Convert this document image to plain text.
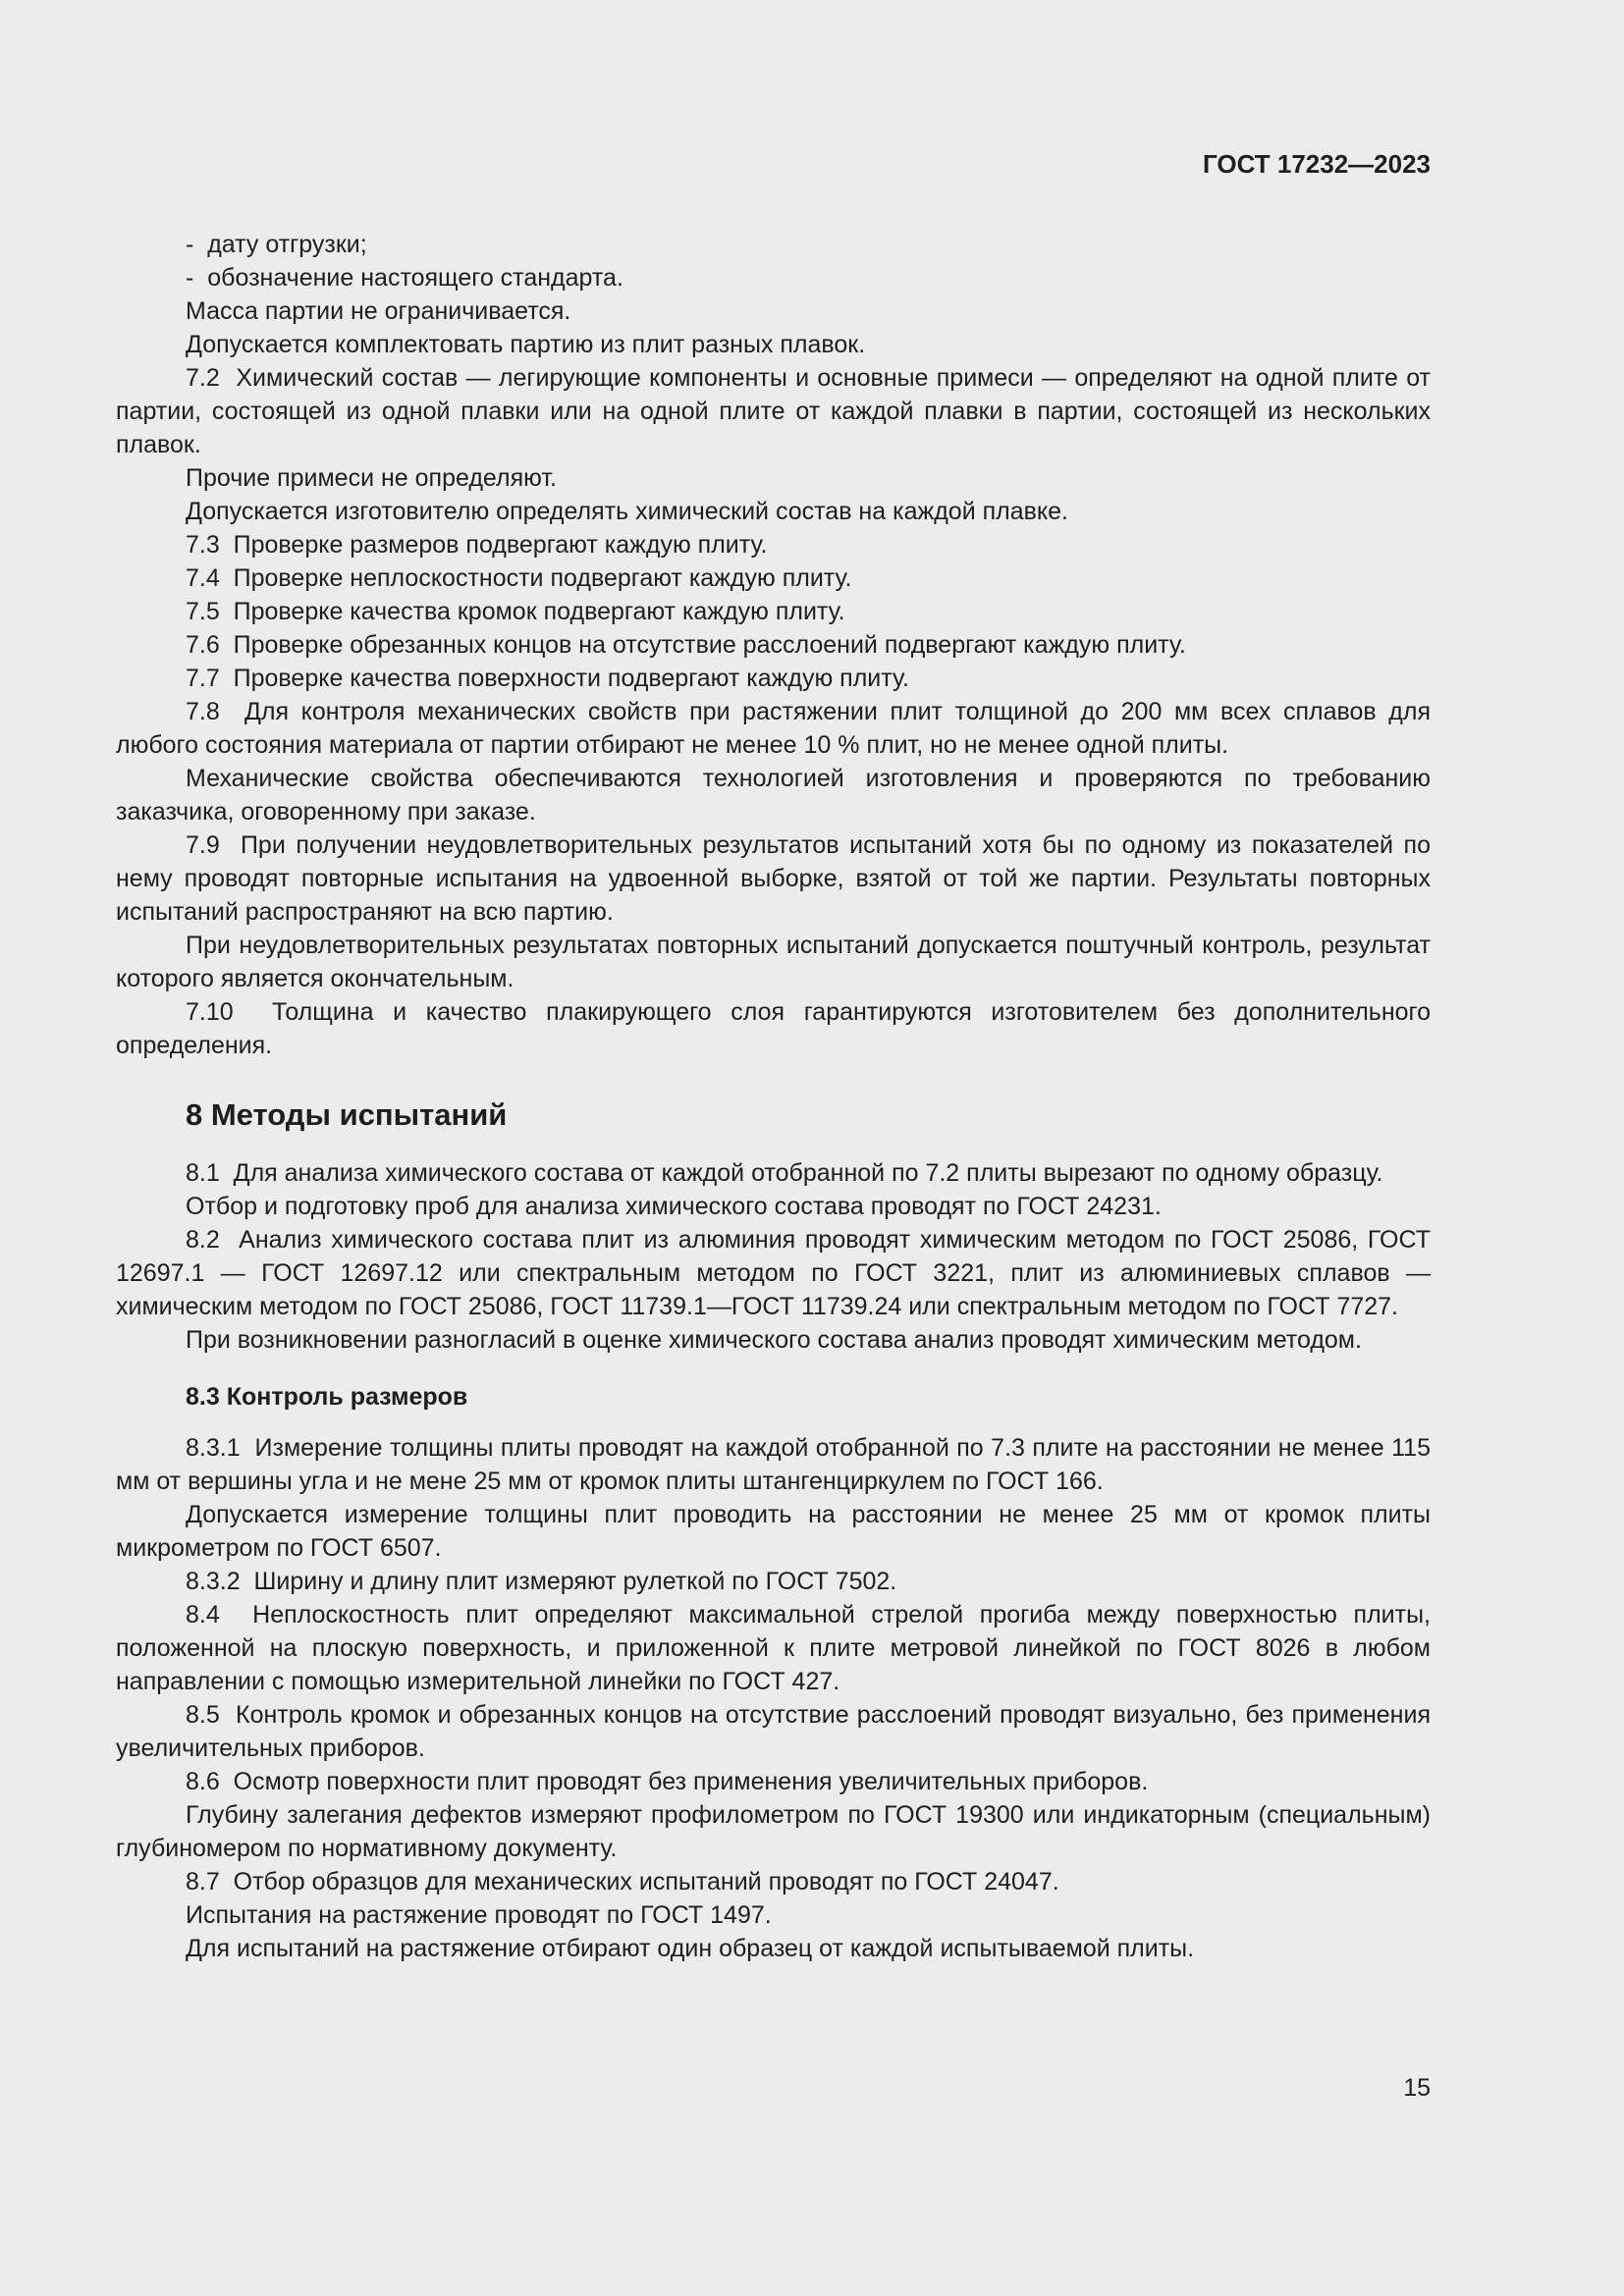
ГОСТ 17232—2023

-  дату отгрузки;

-  обозначение настоящего стандарта.

Масса партии не ограничивается.

Допускается комплектовать партию из плит разных плавок.

7.2  Химический состав — легирующие компоненты и основные примеси — определяют на одной плите от партии, состоящей из одной плавки или на одной плите от каждой плавки в партии, состоящей из нескольких плавок.

Прочие примеси не определяют.

Допускается изготовителю определять химический состав на каждой плавке.

7.3  Проверке размеров подвергают каждую плиту.

7.4  Проверке неплоскостности подвергают каждую плиту.

7.5  Проверке качества кромок подвергают каждую плиту.

7.6  Проверке обрезанных концов на отсутствие расслоений подвергают каждую плиту.

7.7  Проверке качества поверхности подвергают каждую плиту.

7.8  Для контроля механических свойств при растяжении плит толщиной до 200 мм всех сплавов для любого состояния материала от партии отбирают не менее 10 % плит, но не менее одной плиты.

Механические свойства обеспечиваются технологией изготовления и проверяются по требованию заказчика, оговоренному при заказе.

7.9  При получении неудовлетворительных результатов испытаний хотя бы по одному из показателей по нему проводят повторные испытания на удвоенной выборке, взятой от той же партии. Результаты повторных испытаний распространяют на всю партию.

При неудовлетворительных результатах повторных испытаний допускается поштучный контроль, результат которого является окончательным.

7.10  Толщина и качество плакирующего слоя гарантируются изготовителем без дополнительного определения.

8 Методы испытаний

8.1  Для анализа химического состава от каждой отобранной по 7.2 плиты вырезают по одному образцу.

Отбор и подготовку проб для анализа химического состава проводят по ГОСТ 24231.

8.2  Анализ химического состава плит из алюминия проводят химическим методом по ГОСТ 25086, ГОСТ 12697.1 — ГОСТ 12697.12 или спектральным методом по ГОСТ 3221, плит из алюминиевых сплавов — химическим методом по ГОСТ 25086, ГОСТ 11739.1—ГОСТ 11739.24 или спектральным методом по ГОСТ 7727.

При возникновении разногласий в оценке химического состава анализ проводят химическим методом.

8.3 Контроль размеров

8.3.1  Измерение толщины плиты проводят на каждой отобранной по 7.3 плите на расстоянии не менее 115 мм от вершины угла и не мене 25 мм от кромок плиты штангенциркулем по ГОСТ 166.

Допускается измерение толщины плит проводить на расстоянии не менее 25 мм от кромок плиты микрометром по ГОСТ 6507.

8.3.2  Ширину и длину плит измеряют рулеткой по ГОСТ 7502.

8.4  Неплоскостность плит определяют максимальной стрелой прогиба между поверхностью плиты, положенной на плоскую поверхность, и приложенной к плите метровой линейкой по ГОСТ 8026 в любом направлении с помощью измерительной линейки по ГОСТ 427.

8.5  Контроль кромок и обрезанных концов на отсутствие расслоений проводят визуально, без применения увеличительных приборов.

8.6  Осмотр поверхности плит проводят без применения увеличительных приборов.

Глубину залегания дефектов измеряют профилометром по ГОСТ 19300 или индикаторным (специальным) глубиномером по нормативному документу.

8.7  Отбор образцов для механических испытаний проводят по ГОСТ 24047.

Испытания на растяжение проводят по ГОСТ 1497.

Для испытаний на растяжение отбирают один образец от каждой испытываемой плиты.

15
